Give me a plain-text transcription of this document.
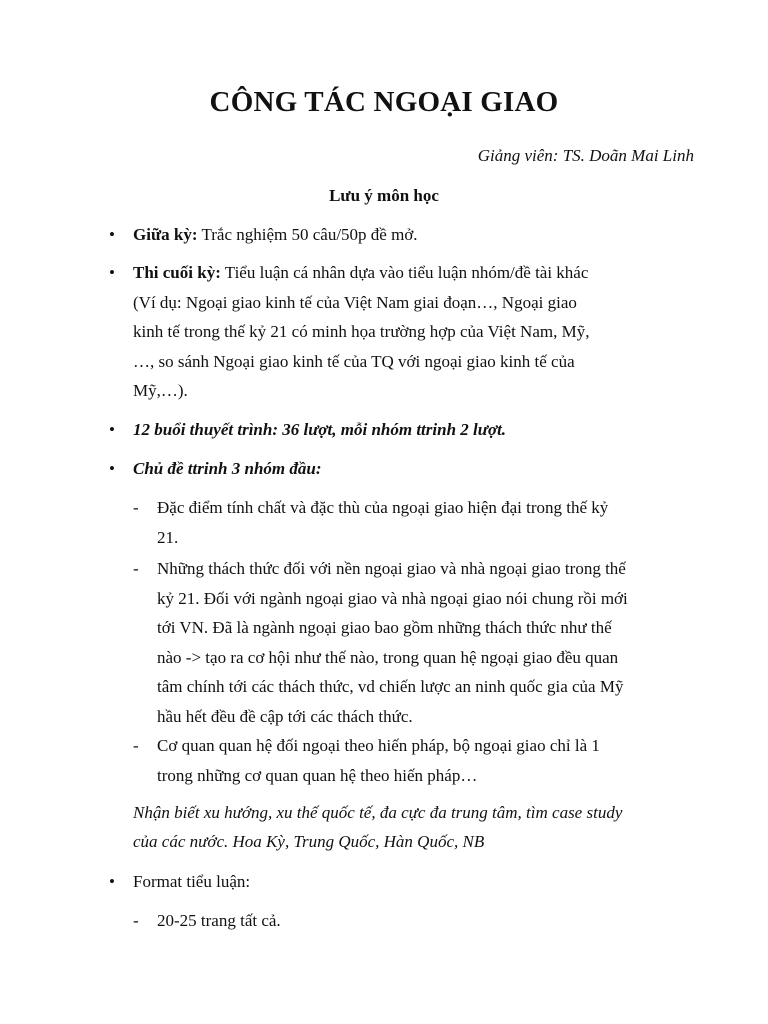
CÔNG TÁC NGOẠI GIAO
Giảng viên: TS. Doãn Mai Linh
Lưu ý môn học
•	Giữa kỳ: Trắc nghiệm 50 câu/50p đề mở.
•	Thi cuối kỳ: Tiểu luận cá nhân dựa vào tiểu luận nhóm/đề tài khác
(Ví dụ: Ngoại giao kinh tế của Việt Nam giai đoạn…, Ngoại giao
kinh tế trong thế kỷ 21 có minh họa trường hợp của Việt Nam, Mỹ,
…, so sánh Ngoại giao kinh tế của TQ với ngoại giao kinh tế của
Mỹ,…).
•	12 buổi thuyết trình: 36 lượt, mỗi nhóm ttrinh 2 lượt.
•	Chủ đề ttrinh 3 nhóm đầu:
-	Đặc điểm tính chất và đặc thù của ngoại giao hiện đại trong thế kỷ
21.
-	Những thách thức đối với nền ngoại giao và nhà ngoại giao trong thế
kỷ 21. Đối với ngành ngoại giao và nhà ngoại giao nói chung rồi mới
tới VN. Đã là ngành ngoại giao bao gồm những thách thức như thế
nào -> tạo ra cơ hội như thế nào, trong quan hệ ngoại giao đều quan
tâm chính tới các thách thức, vd chiến lược an ninh quốc gia của Mỹ
hầu hết đều đề cập tới các thách thức.
-	Cơ quan quan hệ đối ngoại theo hiến pháp, bộ ngoại giao chỉ là 1
trong những cơ quan quan hệ theo hiến pháp…
Nhận biết xu hướng, xu thế quốc tế, đa cực đa trung tâm, tìm case study
của các nước. Hoa Kỳ, Trung Quốc, Hàn Quốc, NB
•	Format tiểu luận:
-	20-25 trang tất cả.
